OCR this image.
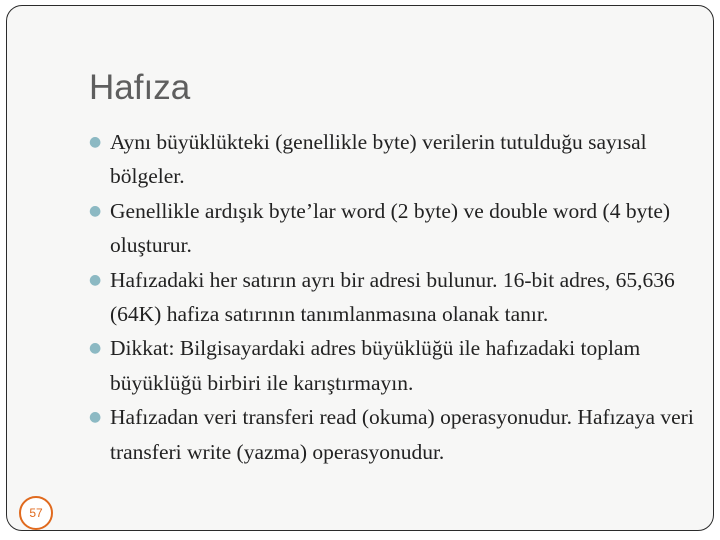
Hafıza
● Aynı büyüklükteki (genellikle byte) verilerin tutulduğu sayısal bölgeler.
● Genellikle ardışık byte’lar word (2 byte) ve double word (4 byte) oluşturur.
● Hafızadaki her satırın ayrı bir adresi bulunur. 16-bit adres, 65,636 (64K) hafiza satırının tanımlanmasına olanak tanır.
● Dikkat: Bilgisayardaki adres büyüklüğü ile hafızadaki toplam büyüklüğü birbiri ile karıştırmayın.
● Hafızadan veri transferi read (okuma) operasyonudur. Hafızaya veri transferi write (yazma) operasyonudur.
57
